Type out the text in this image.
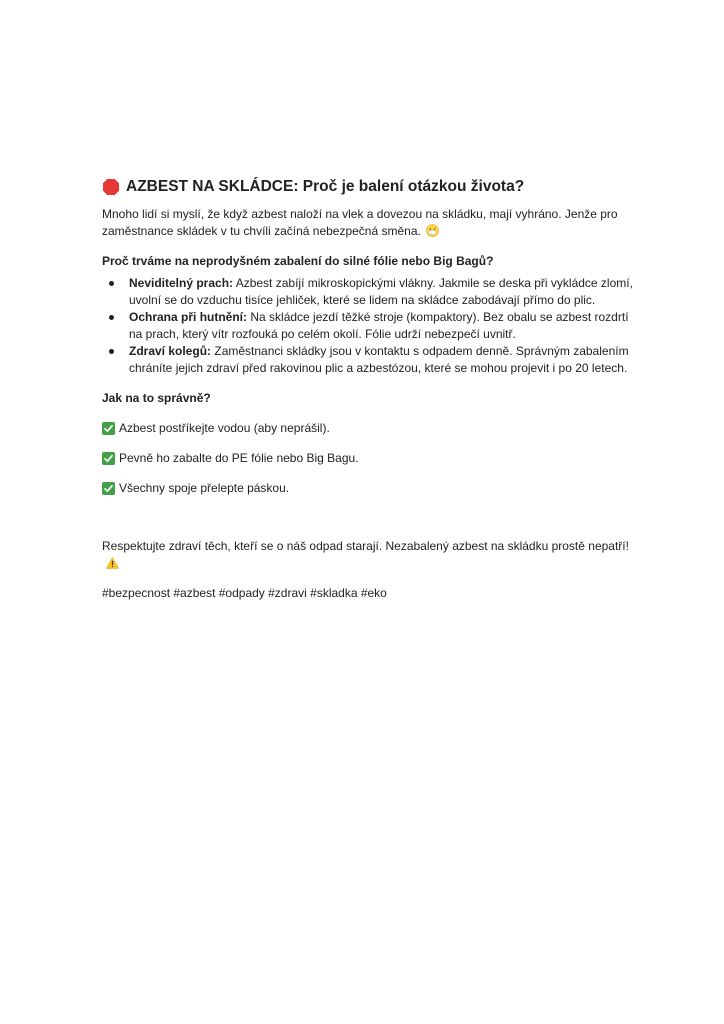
AZBEST NA SKLÁDCE: Proč je balení otázkou života?

Mnoho lidí si myslí, že když azbest naloží na vlek a dovezou na skládku, mají vyhráno. Jenže pro zaměstnance skládek v tu chvíli začíná nebezpečná směna.

Proč trváme na neprodyšném zabalení do silné fólie nebo Big Bagů?

Neviditelný prach: Azbest zabíjí mikroskopickými vlákny. Jakmile se deska při vykládce zlomí, uvolní se do vzduchu tisíce jehliček, které se lidem na skládce zabodávají přímo do plic.
Ochrana při hutnění: Na skládce jezdí těžké stroje (kompaktory). Bez obalu se azbest rozdrtí na prach, který vítr rozfouká po celém okolí. Fólie udrží nebezpečí uvnitř.
Zdraví kolegů: Zaměstnanci skládky jsou v kontaktu s odpadem denně. Správným zabalením chráníte jejich zdraví před rakovinou plic a azbestózou, které se mohou projevit i po 20 letech.

Jak na to správně?

Azbest postříkejte vodou (aby neprášil).
Pevně ho zabalte do PE fólie nebo Big Bagu.
Všechny spoje přelepte páskou.

Respektujte zdraví těch, kteří se o náš odpad starají. Nezabalený azbest na skládku prostě nepatří!

#bezpecnost #azbest #odpady #zdravi #skladka #eko
